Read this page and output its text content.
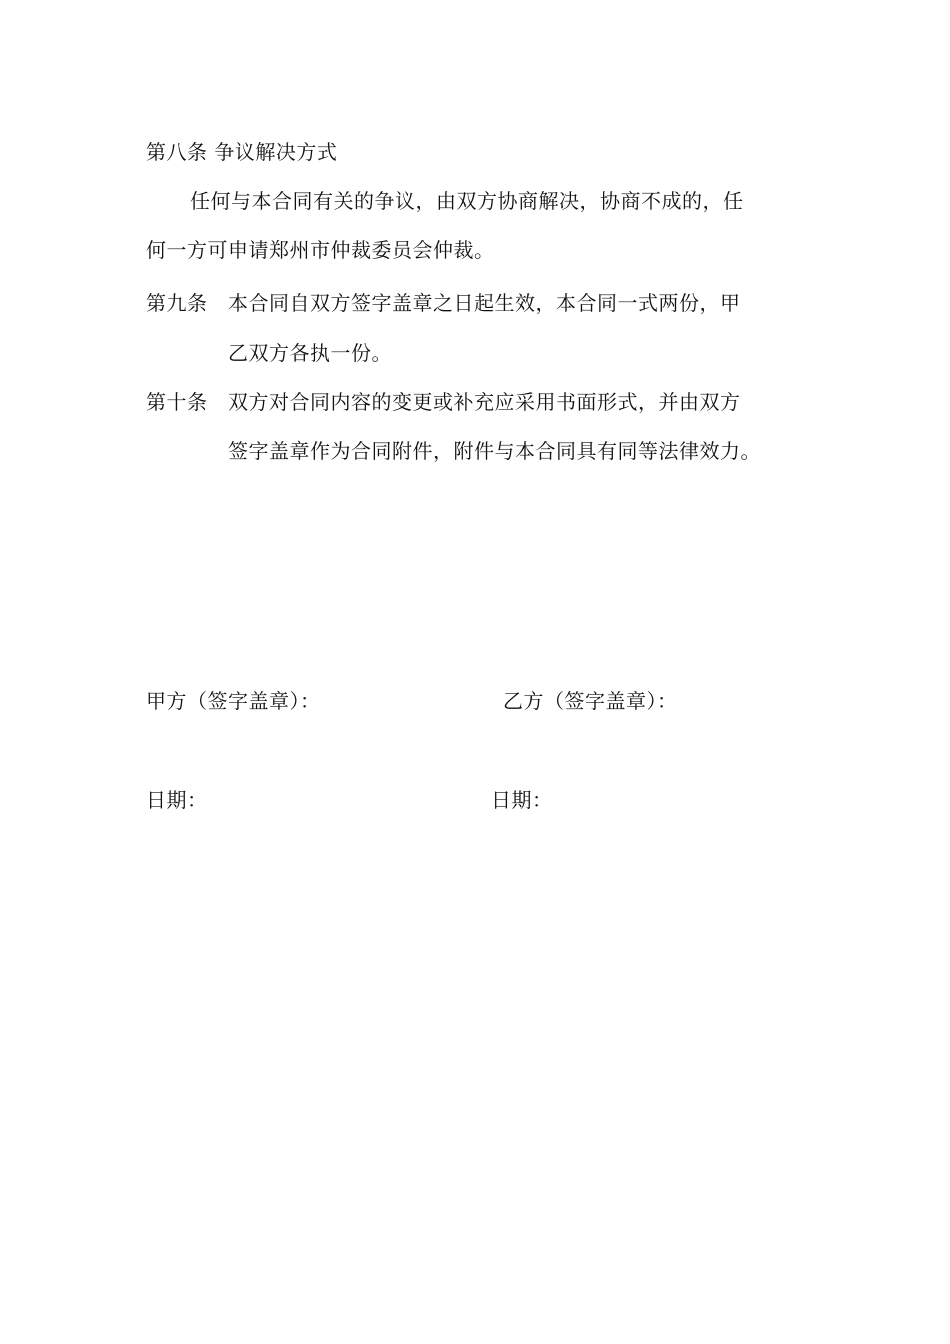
第八条 争议解决方式
任何与本合同有关的争议，由双方协商解决，协商不成的，任
何一方可申请郑州市仲裁委员会仲裁。
第九条 本合同自双方签字盖章之日起生效，本合同一式两份，甲
乙双方各执一份。
第十条 双方对合同内容的变更或补充应采用书面形式，并由双方
签字盖章作为合同附件，附件与本合同具有同等法律效力。
甲方（签字盖章）：	乙方（签字盖章）：
日期：	日期：
